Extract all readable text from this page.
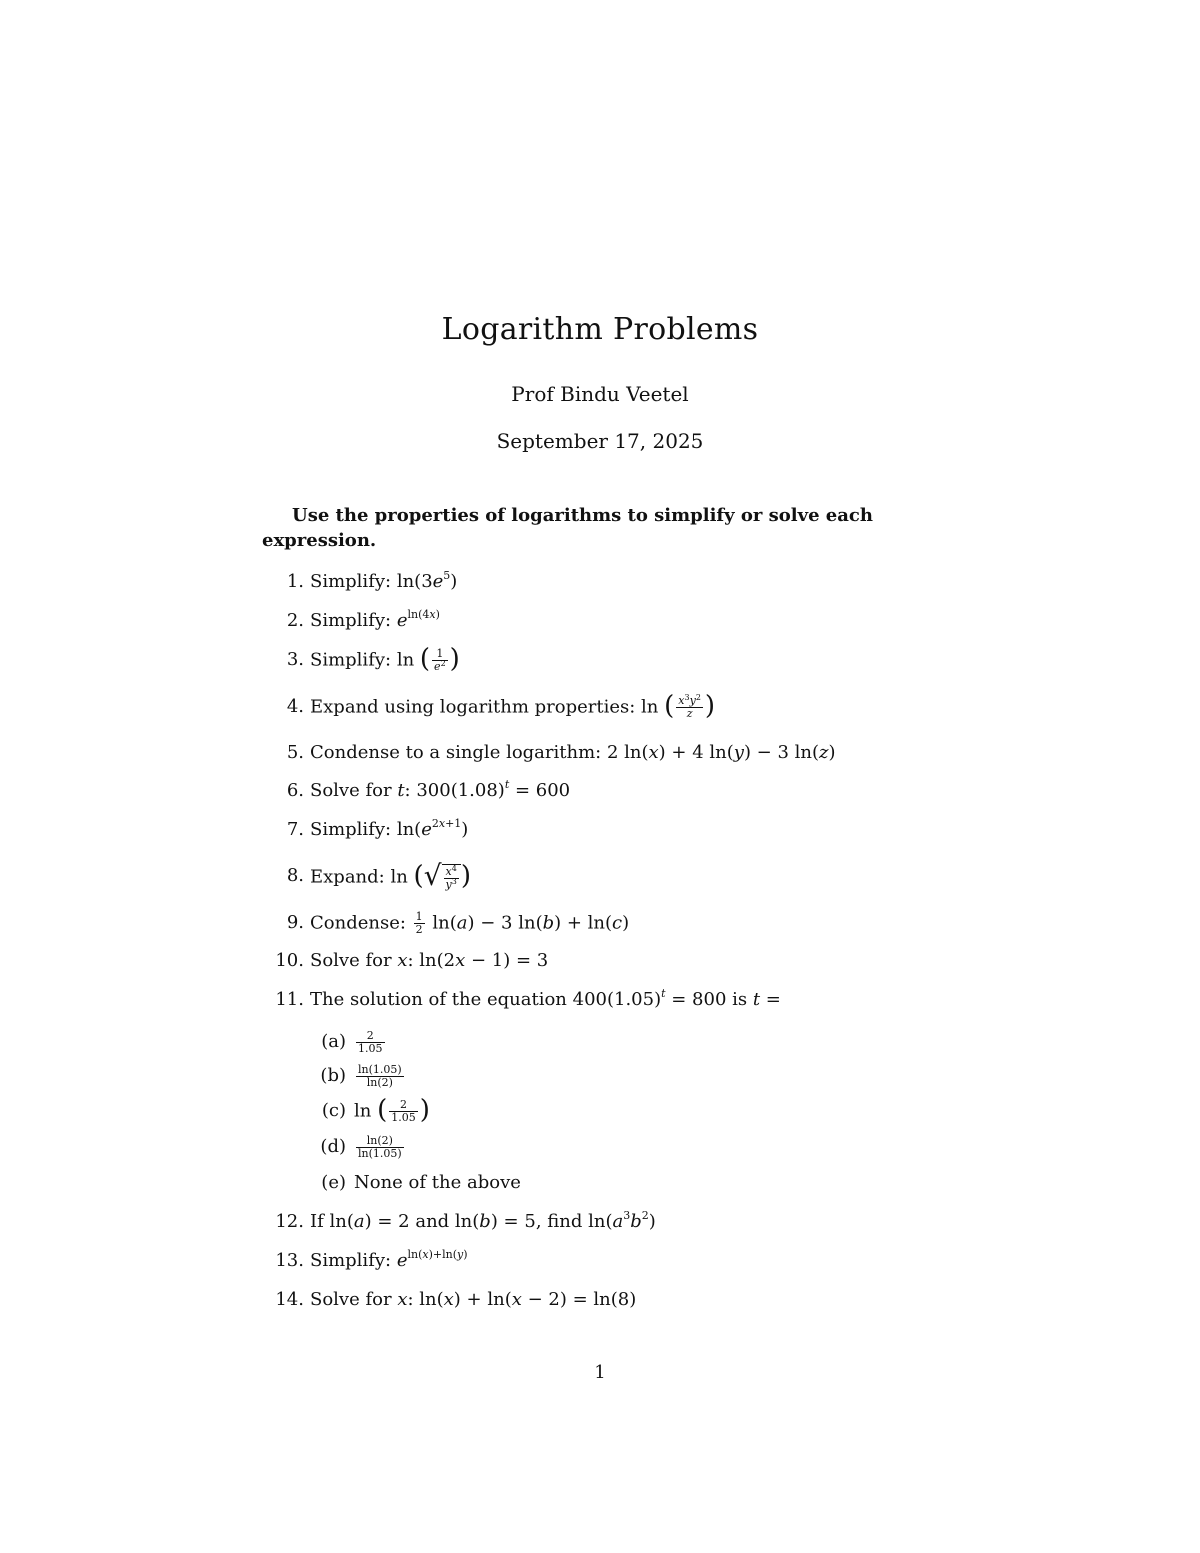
Logarithm Problems
Prof Bindu Veetel
September 17, 2025
Use the properties of logarithms to simplify or solve each expression.
1. Simplify: $\ln(3e^5)$
2. Simplify: $e^{ln(4x)}$
3. Simplify: ln ( $\frac{1}{e^2}$ )
4. Expand using logarithm properties: ln ( $\frac{x^3y^2}{z}$ )
5. Condense to a single logarithm: 2 ln(x) + 4 ln(y) − 3 ln(z)
6. Solve for t: $300(1.08)^t = 600$
7. Simplify: $\ln(e^{2x+1})$
8. Expand: ln (√ $\frac{x^4}{y^3}$ )
9. Condense: $\frac{1}{2} \ln(a) - 3$ ln(b) + ln(c)
10. Solve for x: ln(2x − 1) = 3
11. The solution of the equation $400(1.05)^t = 800$ is t =
$(a) \frac{2}{1.05}$
$(b) \frac{\ln(1.05)}{\ln(2)}$
(c) ln ( $\frac{2}{1.05}$ )
$(d) \frac{\ln(2)}{\ln(1.05)}$
(e) None of the above
12. If ln(a) = 2 and ln(b) = 5, find $\ln(a^3b^2)$
13. Simplify: $e^{ln(x)+ln(y)}$
14. Solve for x: ln(x) + ln(x − 2) = ln(8)
1
